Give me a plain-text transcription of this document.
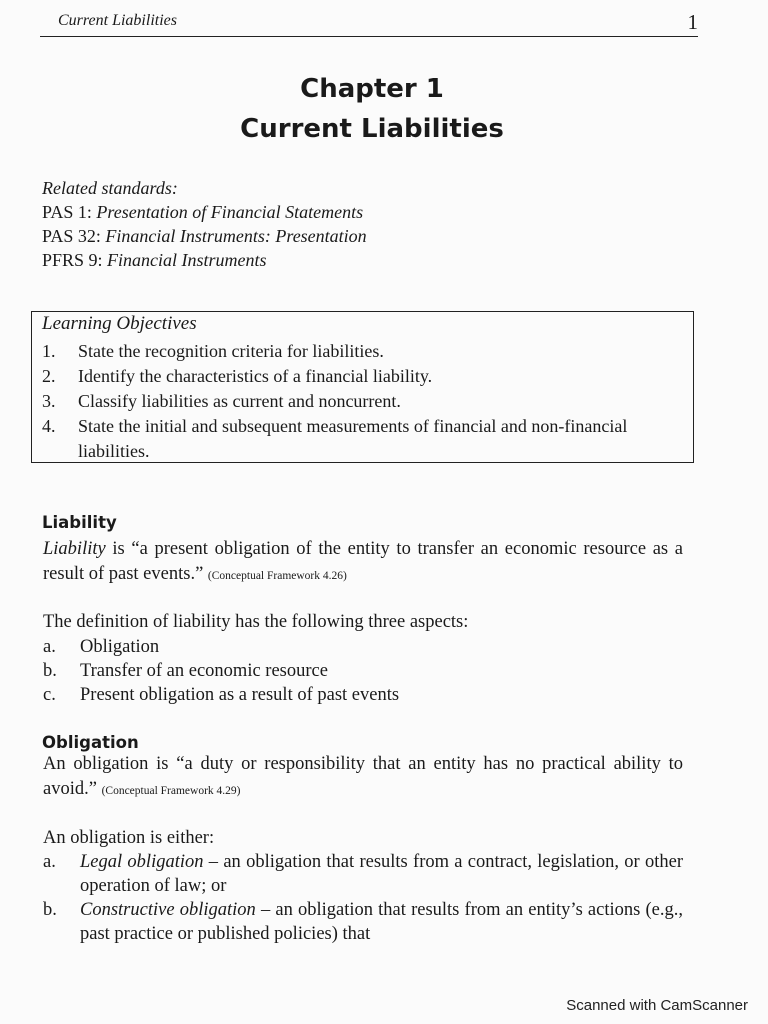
Current Liabilities	1
Chapter 1
Current Liabilities
Related standards:
PAS 1: Presentation of Financial Statements
PAS 32: Financial Instruments: Presentation
PFRS 9: Financial Instruments
Learning Objectives
1.	State the recognition criteria for liabilities.
2.	Identify the characteristics of a financial liability.
3.	Classify liabilities as current and noncurrent.
4.	State the initial and subsequent measurements of financial and non-financial liabilities.
Liability
Liability is “a present obligation of the entity to transfer an economic resource as a result of past events.” (Conceptual Framework 4.26)
The definition of liability has the following three aspects:
a.	Obligation
b.	Transfer of an economic resource
c.	Present obligation as a result of past events
Obligation
An obligation is “a duty or responsibility that an entity has no practical ability to avoid.” (Conceptual Framework 4.29)
An obligation is either:
a.	Legal obligation – an obligation that results from a contract, legislation, or other operation of law; or
b.	Constructive obligation – an obligation that results from an entity’s actions (e.g., past practice or published policies) that
Scanned with CamScanner
